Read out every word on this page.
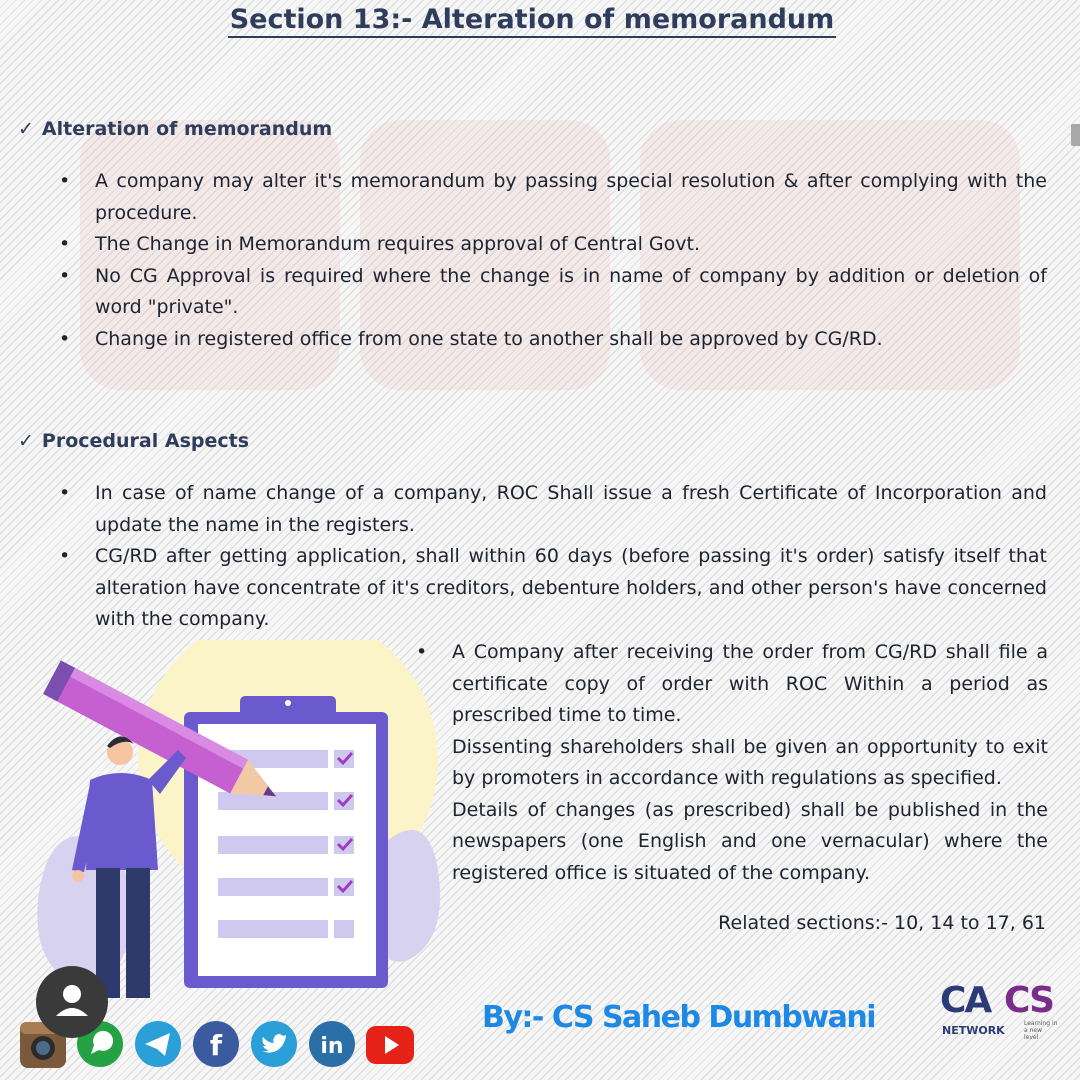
Section 13:- Alteration of memorandum
✓ Alteration of memorandum
• A company may alter it's memorandum by passing special resolution & after complying with the procedure.
• The Change in Memorandum requires approval of Central Govt.
• No CG Approval is required where the change is in name of company by addition or deletion of word "private".
• Change in registered office from one state to another shall be approved by CG/RD.
✓ Procedural Aspects
• In case of name change of a company, ROC Shall issue a fresh Certificate of Incorporation and update the name in the registers.
• CG/RD after getting application, shall within 60 days (before passing it's order) satisfy itself that alteration have concentrate of it's creditors, debenture holders, and other person's have concerned with the company.
• A Company after receiving the order from CG/RD shall file a certificate copy of order with ROC Within a period as prescribed time to time.
• Dissenting shareholders shall be given an opportunity to exit by promoters in accordance with regulations as specified.
• Details of changes (as prescribed) shall be published in the newspapers (one English and one vernacular) where the registered office is situated of the company.
Related sections:- 10, 14 to 17, 61
By:- CS Saheb Dumbwani CA CS
NETWORK
Learning in a new level
f	in
